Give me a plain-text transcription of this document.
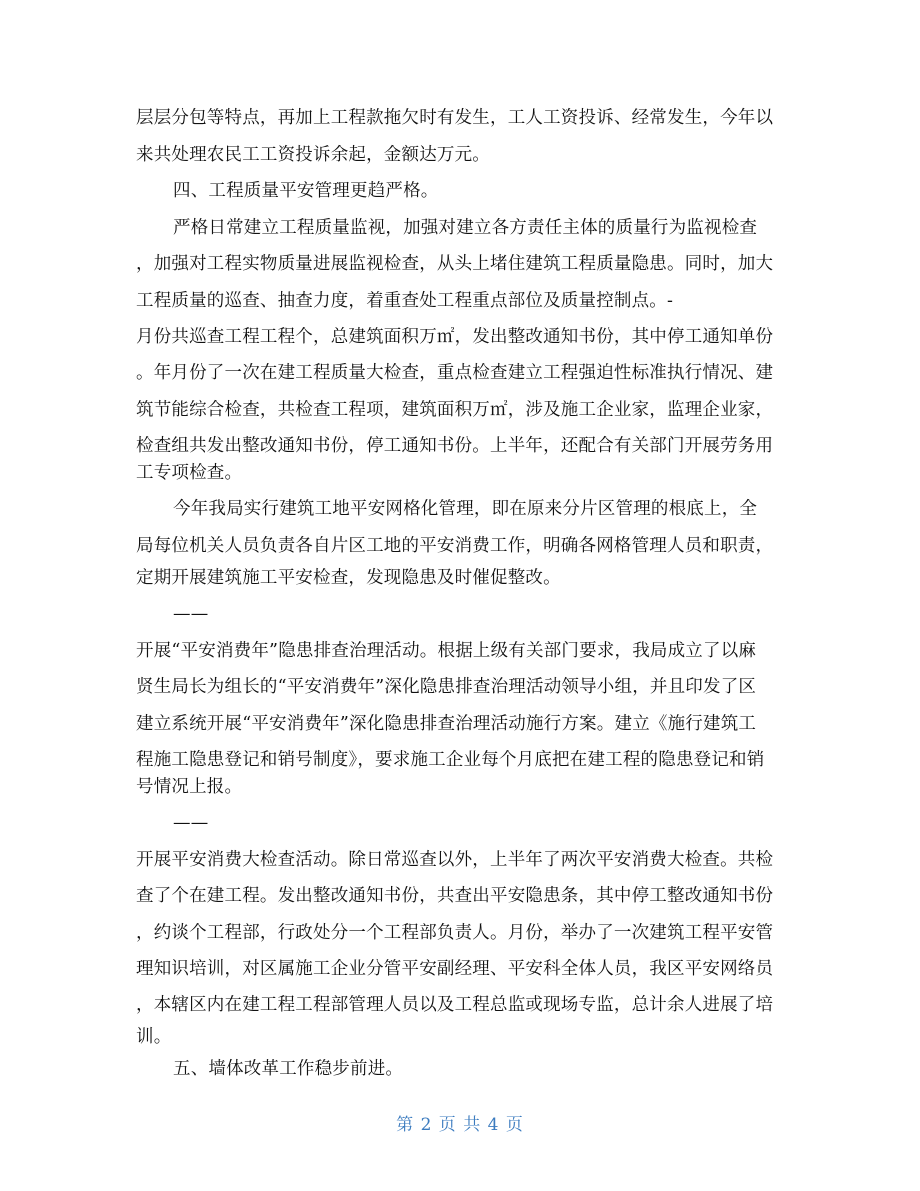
层层分包等特点，再加上工程款拖欠时有发生，工人工资投诉、经常发生，今年以
来共处理农民工工资投诉余起，金额达万元。
四、工程质量平安管理更趋严格。
严格日常建立工程质量监视，加强对建立各方责任主体的质量行为监视检查
，加强对工程实物质量进展监视检查，从头上堵住建筑工程质量隐患。同时，加大
工程质量的巡查、抽查力度，着重查处工程重点部位及质量控制点。-
月份共巡查工程工程个，总建筑面积万㎡，发出整改通知书份，其中停工通知单份
。年月份了一次在建工程质量大检查，重点检查建立工程强迫性标准执行情况、建
筑节能综合检查，共检查工程项，建筑面积万㎡，涉及施工企业家，监理企业家，
检查组共发出整改通知书份，停工通知书份。上半年，还配合有关部门开展劳务用
工专项检查。
今年我局实行建筑工地平安网格化管理，即在原来分片区管理的根底上，全
局每位机关人员负责各自片区工地的平安消费工作，明确各网格管理人员和职责，
定期开展建筑施工平安检查，发现隐患及时催促整改。
——
开展“平安消费年”隐患排查治理活动。根据上级有关部门要求，我局成立了以麻
贤生局长为组长的“平安消费年”深化隐患排查治理活动领导小组，并且印发了区
建立系统开展“平安消费年”深化隐患排查治理活动施行方案。建立《施行建筑工
程施工隐患登记和销号制度》，要求施工企业每个月底把在建工程的隐患登记和销
号情况上报。
——
开展平安消费大检查活动。除日常巡查以外，上半年了两次平安消费大检查。共检
查了个在建工程。发出整改通知书份，共查出平安隐患条，其中停工整改通知书份
，约谈个工程部，行政处分一个工程部负责人。月份，举办了一次建筑工程平安管
理知识培训，对区属施工企业分管平安副经理、平安科全体人员，我区平安网络员
，本辖区内在建工程工程部管理人员以及工程总监或现场专监，总计余人进展了培
训。
五、墙体改革工作稳步前进。
第 2 页 共 4 页
